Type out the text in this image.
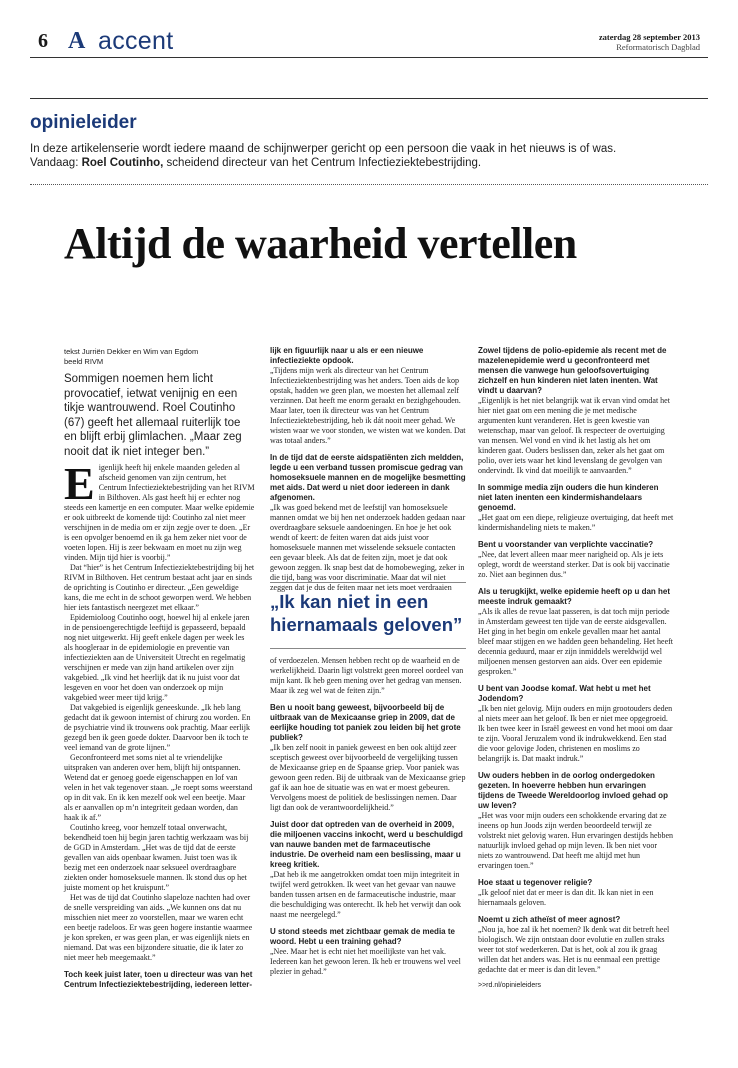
6 A accent	zaterdag 28 september 2013
Reformatorisch Dagblad
opinieleider
In deze artikelenserie wordt iedere maand de schijnwerper gericht op een persoon die vaak in het nieuws is of was.
Vandaag: Roel Coutinho, scheidend directeur van het Centrum Infectieziektebestrijding.
Altijd de waarheid vertellen
tekst Jurriën Dekker en Wim van Egdom
beeld RIVM
Sommigen noemen hem licht provocatief, ietwat venijnig en een tikje wantrouwend. Roel Coutinho (67) geeft het allemaal ruiterlijk toe en blijft erbij glimlachen. „Maar zeg nooit dat ik niet integer ben.”
E igenlijk heeft hij enkele maanden geleden al afscheid genomen van zijn centrum, het Centrum Infectieziektebestrijding van het RIVM in Bilthoven. Als gast heeft hij er echter nog steeds een kamertje en een computer. Maar welke epidemie er ook uitbreekt de komende tijd: Coutinho zal niet meer verschijnen in de media om er zijn zegje over te doen. „Er is een opvolger benoemd en ik ga hem zeker niet voor de voeten lopen. Hij is zeer bekwaam en moet nu zijn weg vinden. Mijn tijd hier is voorbij.”

Dat “hier” is het Centrum Infectieziektebestrijding bij het RIVM in Bilthoven. Het centrum bestaat acht jaar en sinds de oprichting is Coutinho er directeur. „Een geweldige kans, die me echt in de schoot geworpen werd. We hebben hier iets fantastisch neergezet met elkaar.”

Epidemioloog Coutinho oogt, hoewel hij al enkele jaren in de pensioengerechtigde leeftijd is gepasseerd, bepaald nog niet uitgewerkt. Hij geeft enkele dagen per week les als hoogleraar in de epidemiologie en preventie van infectieziekten aan de Universiteit Utrecht en regelmatig verschijnen er mede van zijn hand artikelen over zijn vakgebied. „Ik vind het heerlijk dat ik nu juist voor dat lesgeven en voor het doen van onderzoek op mijn vakgebied weer meer tijd krijg.”

Dat vakgebied is eigenlijk geneeskunde. „Ik heb lang gedacht dat ik gewoon internist of chirurg zou worden. En de psychiatrie vind ik trouwens ook prachtig. Maar eerlijk gezegd ben ik geen goede dokter. Daarvoor ben ik toch te veel iemand van de grote lijnen.”

Geconfronteerd met soms niet al te vriendelijke uitspraken van anderen over hem, blijft hij ontspannen. Wetend dat er genoeg goede eigenschappen en lof van velen in het vak tegenover staan. „Je roept soms weerstand op in dit vak. En ik ken mezelf ook wel een beetje. Maar als er aanvallen op m’n integriteit gedaan worden, dan haak ik af.”

Coutinho kreeg, voor hemzelf totaal onverwacht, bekendheid toen hij begin jaren tachtig werkzaam was bij de GGD in Amsterdam. „Het was de tijd dat de eerste gevallen van aids openbaar kwamen. Juist toen was ik bezig met een onderzoek naar seksueel overdraagbare ziekten onder homoseksuele mannen. Ik stond dus op het juiste moment op het kruispunt.”

Het was de tijd dat Coutinho slapeloze nachten had over de snelle verspreiding van aids. „We kunnen ons dat nu misschien niet meer zo voorstellen, maar we waren echt een beetje radeloos. Er was geen hogere instantie waarmee je kon spreken, er was geen plan, er was eigenlijk niets en niemand. Dat was een bijzondere situatie, die ik later zo niet meer heb meegemaakt.”

Toch keek juist later, toen u directeur was van het Centrum Infectieziektebestrijding, iedereen letter-

lijk en figuurlijk naar u als er een nieuwe infectieziekte opdook.

„Tijdens mijn werk als directeur van het Centrum Infectieziektenbestrijding was het anders. Toen aids de kop opstak, hadden we geen plan, we moesten het allemaal zelf verzinnen. Dat heeft me enorm geraakt en bezighgehouden. Maar later, toen ik directeur was van het Centrum Infectieziektebestrijding, heb ik dát nooit meer gehad. We wisten waar we voor stonden, we wisten wat we konden. Dat was totaal anders.”

In de tijd dat de eerste aidspatiënten zich meldden, legde u een verband tussen promiscue gedrag van homoseksuele mannen en de mogelijke besmetting met aids. Dat werd u niet door iedereen in dank afgenomen.

„Ik was goed bekend met de leefstijl van homoseksuele mannen omdat we bij hen net onderzoek hadden gedaan naar overdraagbare seksuele aandoeningen. En hoe je het ook wendt of keert: de feiten waren dat aids juist voor homoseksuele mannen met wisselende seksuele contacten een gevaar bleek. Als dat de feiten zijn, moet je dat ook gewoon zeggen. Ik snap best dat de homobeweging, zeker in die tijd, bang was voor discriminatie. Maar dat wil niet zeggen dat je dus de feiten maar net iets moet verdraaien

„Ik kan niet in een hiernamaals geloven”

of verdoezelen. Mensen hebben recht op de waarheid en de werkelijkheid. Daarin ligt volstrekt geen moreel oordeel van mijn kant. Ik heb geen mening over het gedrag van mensen. Maar ik zeg wel wat de feiten zijn.”

Ben u nooit bang geweest, bijvoorbeeld bij de uitbraak van de Mexicaanse griep in 2009, dat de eerlijke houding tot paniek zou leiden bij het grote publiek?

„Ik ben zelf nooit in paniek geweest en ben ook altijd zeer sceptisch geweest over bijvoorbeeld de vergelijking tussen de Mexicaanse griep en de Spaanse griep. Voor paniek was gewoon geen reden. Bij de uitbraak van de Mexicaanse griep gaf ik aan hoe de situatie was en wat er moest gebeuren. Vervolgens moest de politiek de beslissingen nemen. Daar ligt dan ook de verantwoordelijkheid.”

Juist door dat optreden van de overheid in 2009, die miljoenen vaccins inkocht, werd u beschuldigd van nauwe banden met de farmaceutische industrie. De overheid nam een beslissing, maar u kreeg kritiek.

„Dat heb ik me aangetrokken omdat toen mijn integriteit in twijfel werd getrokken. Ik weet van het gevaar van nauwe banden tussen artsen en de farmaceutische industrie, maar die beschuldiging was onterecht. Ik heb het verwijt dan ook naast me neergelegd.”

U stond steeds met zichtbaar gemak de media te woord. Hebt u een training gehad?

„Nee. Maar het is echt niet het moeilijkste van het vak. Iedereen kan het gewoon leren. Ik heb er trouwens wel veel plezier in gehad.”

Zowel tijdens de polio-epidemie als recent met de mazelenepidemie werd u geconfronteerd met mensen die vanwege hun geloofsovertuiging zichzelf en hun kinderen niet laten inenten. Wat vindt u daarvan?

„Eigenlijk is het niet belangrijk wat ik ervan vind omdat het hier niet gaat om een mening die je met medische argumenten kunt veranderen. Het is geen kwestie van wetenschap, maar van geloof. Ik respecteer de overtuiging van mensen. Wel vond en vind ik het lastig als het om kinderen gaat. Ouders beslissen dan, zeker als het gaat om polio, over iets waar het kind levenslang de gevolgen van ondervindt. Ik vind dat moeilijk te aanvaarden.”

In sommige media zijn ouders die hun kinderen niet laten inenten een kindermishandelaars genoemd.

„Het gaat om een diepe, religieuze overtuiging, dat heeft met kindermishandeling niets te maken.”

Bent u voorstander van verplichte vaccinatie?

„Nee, dat levert alleen maar meer narigheid op. Als je iets oplegt, wordt de weerstand sterker. Dat is ook bij vaccinatie zo. Niet aan beginnen dus.”

Als u terugkijkt, welke epidemie heeft op u dan het meeste indruk gemaakt?

„Als ik alles de revue laat passeren, is dat toch mijn periode in Amsterdam geweest ten tijde van de eerste aidsgevallen. Het ging in het begin om enkele gevallen maar het aantal bleef maar stijgen en we hadden geen behandeling. Het heeft decennia geduurd, maar er zijn inmiddels wereldwijd wel miljoenen mensen gestorven aan aids. Over een epidemie gesproken.”

U bent van Joodse komaf. Wat hebt u met het Jodendom?

„Ik ben niet gelovig. Mijn ouders en mijn grootouders deden al niets meer aan het geloof. Ik ben er niet mee opgegroeid. Ik ben twee keer in Israël geweest en vond het mooi om daar te zijn. Vooral Jeruzalem vond ik indrukwekkend. Een stad die voor gelovige Joden, christenen en moslims zo belangrijk is. Dat maakt indruk.”

Uw ouders hebben in de oorlog ondergedoken gezeten. In hoeverre hebben hun ervaringen tijdens de Tweede Wereldoorlog invloed gehad op uw leven?

„Het was voor mijn ouders een schokkende ervaring dat ze ineens op hun Joods zijn werden beoordeeld terwijl ze volstrekt niet gelovig waren. Hun ervaringen destijds hebben natuurlijk invloed gehad op mijn leven. Ik ben niet voor niets zo wantrouwend. Dat heeft me altijd met hun ervaringen toen.”

Hoe staat u tegenover religie?

„Ik geloof niet dat er meer is dan dit. Ik kan niet in een hiernamaals geloven.

Noemt u zich atheïst of meer agnost?

„Nou ja, hoe zal ik het noemen? Ik denk wat dit betreft heel biologisch. We zijn ontstaan door evolutie en zullen straks weer tot stof wederkeren. Dat is het, ook al zou ik graag willen dat het anders was. Het is nu eenmaal een prettige gedachte dat er meer is dan dit leven.”

>>rd.nl/opinieleiders
